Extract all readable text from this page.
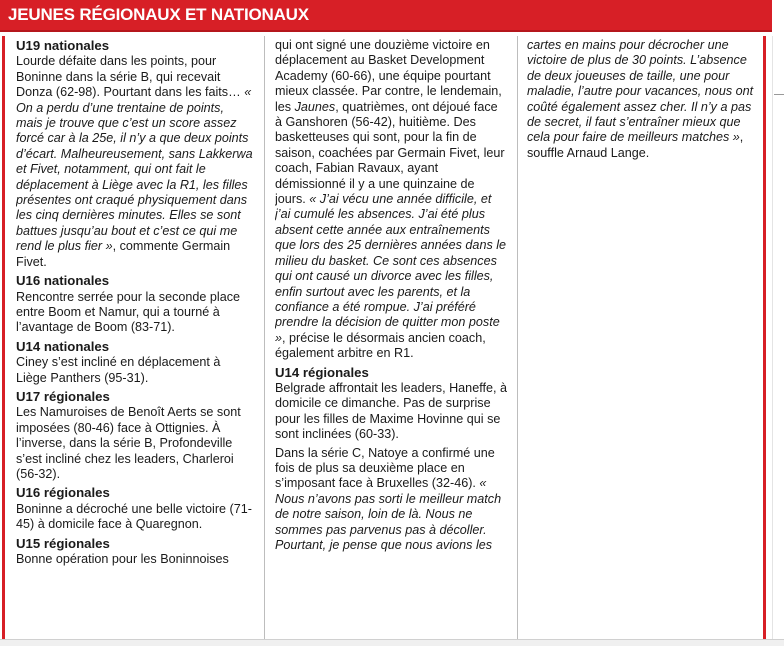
JEUNES RÉGIONAUX ET NATIONAUX
U19 nationales
Lourde défaite dans les points, pour Boninne dans la série B, qui recevait Donza (62-98). Pourtant dans les faits… « On a perdu d’une trentaine de points, mais je trouve que c’est un score assez forcé car à la 25e, il n’y a que deux points d’écart. Malheureusement, sans Lakkerwa et Fivet, notamment, qui ont fait le déplacement à Liège avec la R1, les filles présentes ont craqué physiquement dans les cinq dernières minutes. Elles se sont battues jusqu’au bout et c’est ce qui me rend le plus fier », commente Germain Fivet.
U16 nationales
Rencontre serrée pour la seconde place entre Boom et Namur, qui a tourné à l’avantage de Boom (83-71).
U14 nationales
Ciney s’est incliné en déplacement à Liège Panthers (95-31).
U17 régionales
Les Namuroises de Benoît Aerts se sont imposées (80-46) face à Ottignies. À l’inverse, dans la série B, Profondeville s’est incliné chez les leaders, Charleroi (56-32).
U16 régionales
Boninne a décroché une belle victoire (71-45) à domicile face à Quaregnon.
U15 régionales
Bonne opération pour les Boninnoises
qui ont signé une douzième victoire en déplacement au Basket Development Academy (60-66), une équipe pourtant mieux classée. Par contre, le lendemain, les Jaunes, quatrièmes, ont déjoué face à Ganshoren (56-42), huitième. Des basketteuses qui sont, pour la fin de saison, coachées par Germain Fivet, leur coach, Fabian Ravaux, ayant démissionné il y a une quinzaine de jours. « J’ai vécu une année difficile, et j’ai cumulé les absences. J’ai été plus absent cette année aux entraînements que lors des 25 dernières années dans le milieu du basket. Ce sont ces absences qui ont causé un divorce avec les filles, enfin surtout avec les parents, et la confiance a été rompue. J’ai préféré prendre la décision de quitter mon poste », précise le désormais ancien coach, également arbitre en R1.
U14 régionales
Belgrade affrontait les leaders, Haneffe, à domicile ce dimanche. Pas de surprise pour les filles de Maxime Hovinne qui se sont inclinées (60-33).
Dans la série C, Natoye a confirmé une fois de plus sa deuxième place en s’imposant face à Bruxelles (32-46). « Nous n’avons pas sorti le meilleur match de notre saison, loin de là. Nous ne sommes pas parvenus pas à décoller. Pourtant, je pense que nous avions les
cartes en mains pour décrocher une victoire de plus de 30 points. L’absence de deux joueuses de taille, une pour maladie, l’autre pour vacances, nous ont coûté également assez cher. Il n’y a pas de secret, il faut s’entraîner mieux que cela pour faire de meilleurs matches », souffle Arnaud Lange.
